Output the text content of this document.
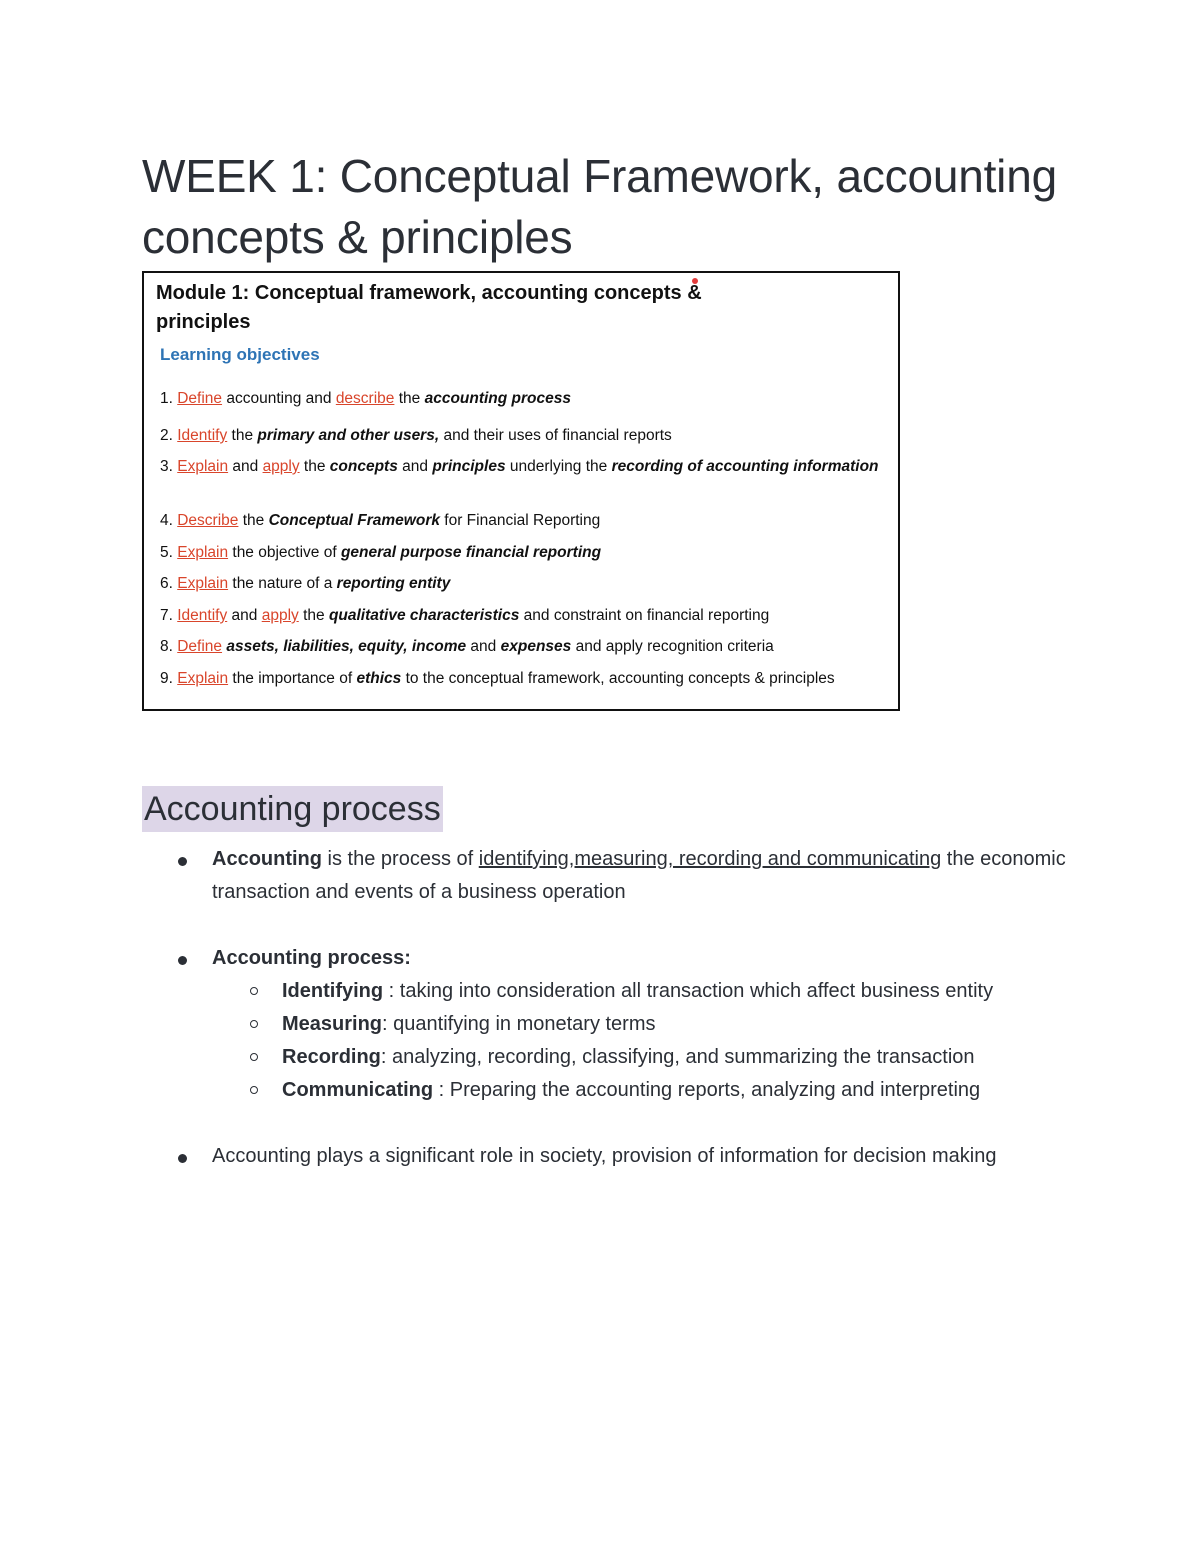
WEEK 1: Conceptual Framework, accounting concepts & principles
Module 1: Conceptual framework, accounting concepts & principles
Learning objectives
1. Define accounting and describe the accounting process
2. Identify the primary and other users, and their uses of financial reports
3. Explain and apply the concepts and principles underlying the recording of accounting information
4. Describe the Conceptual Framework for Financial Reporting
5. Explain the objective of general purpose financial reporting
6. Explain the nature of a reporting entity
7. Identify and apply the qualitative characteristics and constraint on financial reporting
8. Define assets, liabilities, equity, income and expenses and apply recognition criteria
9. Explain the importance of ethics to the conceptual framework, accounting concepts & principles
Accounting process
Accounting is the process of identifying,measuring, recording and communicating the economic transaction and events of a business operation
Accounting process:
Identifying : taking into consideration all transaction which affect business entity
Measuring: quantifying in monetary terms
Recording: analyzing, recording, classifying, and summarizing the transaction
Communicating : Preparing the accounting reports, analyzing and interpreting
Accounting plays a significant role in society, provision of information for decision making
